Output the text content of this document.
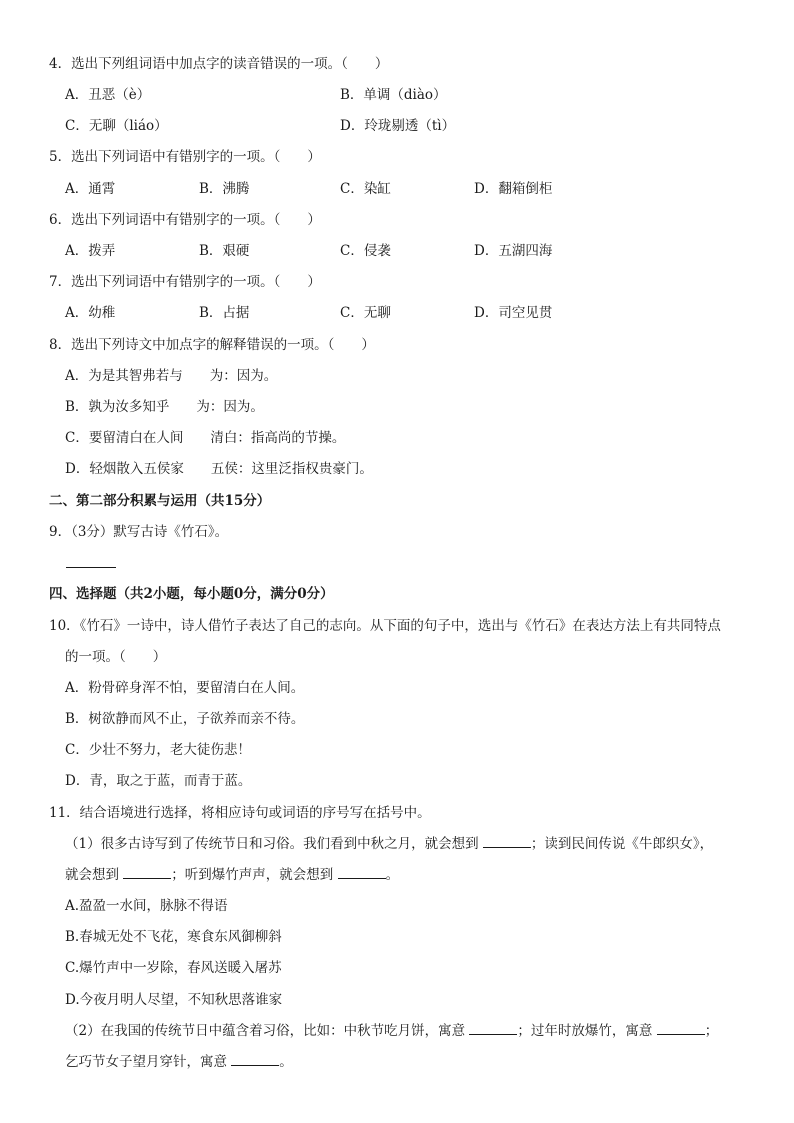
4．选出下列组词语中加点字的读音错误的一项。（　　）
A．丑恶（è）	B．单调（diào）
C．无聊（liáo）	D．玲珑剔透（tì）
5．选出下列词语中有错别字的一项。（　　）
A．通霄	B．沸腾	C．染缸	D．翻箱倒柜
6．选出下列词语中有错别字的一项。（　　）
A．拨弄	B．艰硬	C．侵袭	D．五湖四海
7．选出下列词语中有错别字的一项。（　　）
A．幼稚	B．占据	C．无聊	D．司空见贯
8．选出下列诗文中加点字的解释错误的一项。（　　）
A．为是其智弗若与　　为：因为。
B．孰为汝多知乎　　为：因为。
C．要留清白在人间　　清白：指高尚的节操。
D．轻烟散入五侯家　　五侯：这里泛指权贵豪门。
二、第二部分积累与运用（共15分）
9．（3分）默写古诗《竹石》。
四、选择题（共2小题，每小题0分，满分0分）
10．《竹石》一诗中，诗人借竹子表达了自己的志向。从下面的句子中，选出与《竹石》在表达方法上有共同特点
的一项。（　　）
A．粉骨碎身浑不怕，要留清白在人间。
B．树欲静而风不止，子欲养而亲不待。
C．少壮不努力，老大徒伤悲！
D．青，取之于蓝，而青于蓝。
11．结合语境进行选择，将相应诗句或词语的序号写在括号中。
（1）很多古诗写到了传统节日和习俗。我们看到中秋之月，就会想到	；读到民间传说《牛郎织女》，
就会想到	；听到爆竹声声，就会想到	。
A.盈盈一水间，脉脉不得语
B.春城无处不飞花，寒食东风御柳斜
C.爆竹声中一岁除，春风送暖入屠苏
D.今夜月明人尽望，不知秋思落谁家
（2）在我国的传统节日中蕴含着习俗，比如：中秋节吃月饼，寓意	；过年时放爆竹，寓意	；
乞巧节女子望月穿针，寓意	。
